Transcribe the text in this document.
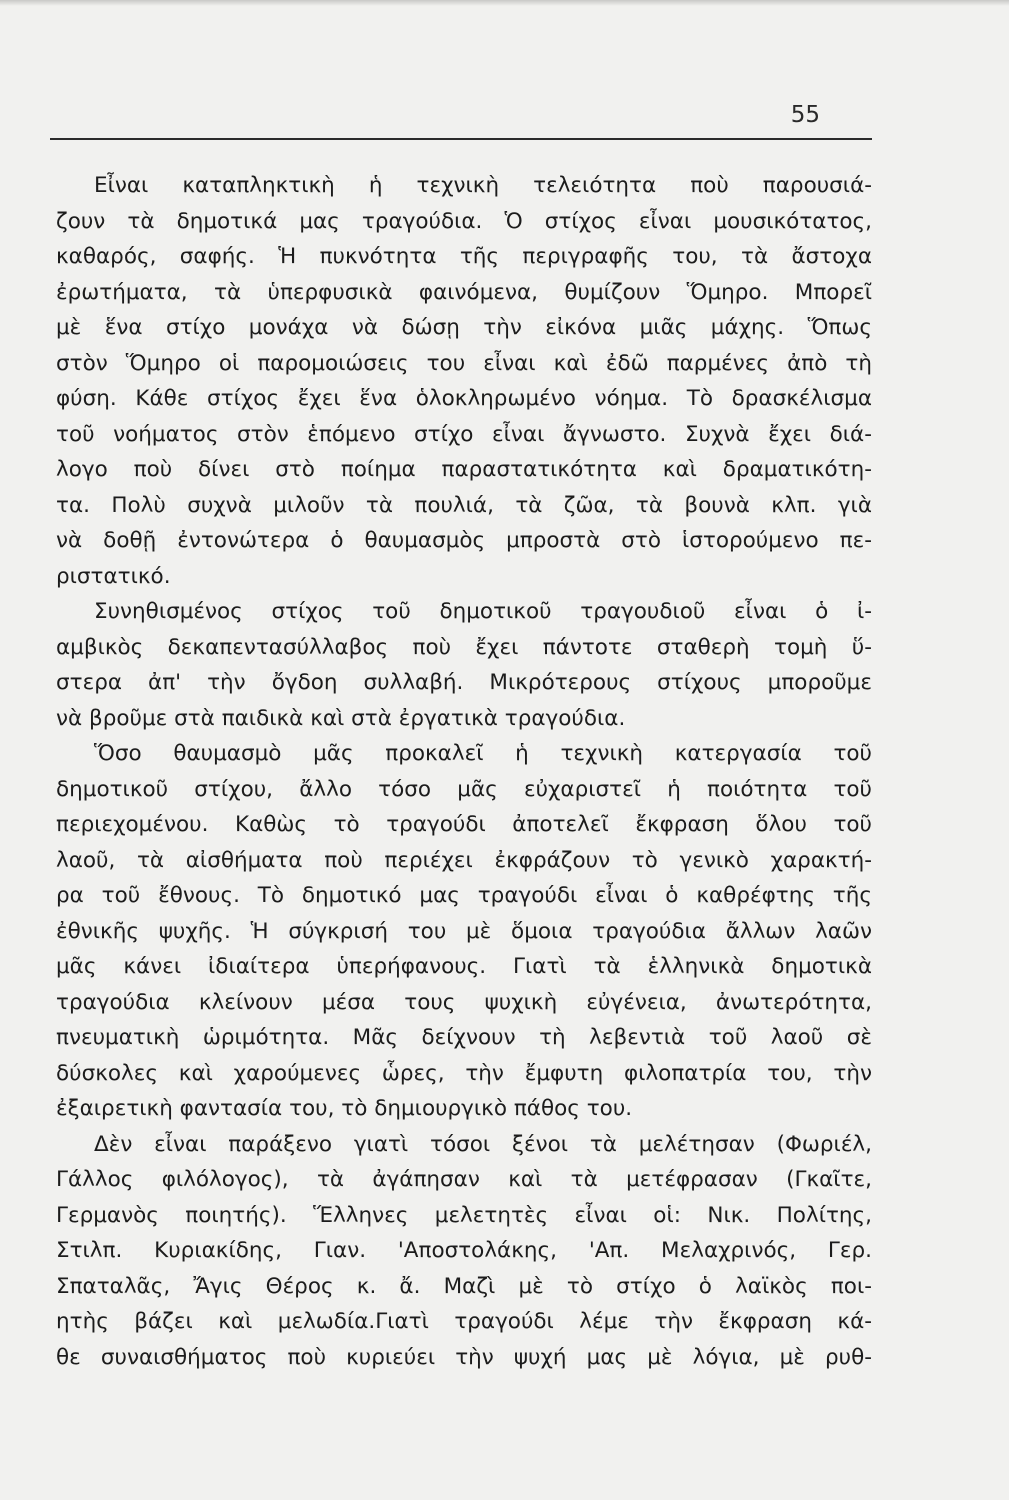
55
Εἶναι καταπληκτικὴ ἡ τεχνικὴ τελειότητα ποὺ παρουσιά-
ζουν τὰ δημοτικά μας τραγούδια. Ὁ στίχος εἶναι μουσικότατος,
καθαρός, σαφής. Ἡ πυκνότητα τῆς περιγραφῆς του, τὰ ἄστοχα
ἐρωτήματα, τὰ ὑπερφυσικὰ φαινόμενα, θυμίζουν Ὅμηρο. Μπορεῖ
μὲ ἕνα στίχο μονάχα νὰ δώσῃ τὴν εἰκόνα μιᾶς μάχης. Ὅπως
στὸν Ὅμηρο οἱ παρομοιώσεις του εἶναι καὶ ἐδῶ παρμένες ἀπὸ τὴ
φύση. Κάθε στίχος ἔχει ἕνα ὁλοκληρωμένο νόημα. Τὸ δρασκέλισμα
τοῦ νοήματος στὸν ἑπόμενο στίχο εἶναι ἄγνωστο. Συχνὰ ἔχει διά-
λογο ποὺ δίνει στὸ ποίημα παραστατικότητα καὶ δραματικότη-
τα. Πολὺ συχνὰ μιλοῦν τὰ πουλιά, τὰ ζῶα, τὰ βουνὰ κλπ. γιὰ
νὰ δοθῇ ἐντονώτερα ὁ θαυμασμὸς μπροστὰ στὸ ἱστορούμενο πε-
ριστατικό.
Συνηθισμένος στίχος τοῦ δημοτικοῦ τραγουδιοῦ εἶναι ὁ ἰ-
αμβικὸς δεκαπεντασύλλαβος ποὺ ἔχει πάντοτε σταθερὴ τομὴ ὕ-
στερα ἀπ' τὴν ὄγδοη συλλαβή. Μικρότερους στίχους μποροῦμε
νὰ βροῦμε στὰ παιδικὰ καὶ στὰ ἐργατικὰ τραγούδια.
Ὅσο θαυμασμὸ μᾶς προκαλεῖ ἡ τεχνικὴ κατεργασία τοῦ
δημοτικοῦ στίχου, ἄλλο τόσο μᾶς εὐχαριστεῖ ἡ ποιότητα τοῦ
περιεχομένου. Καθὼς τὸ τραγούδι ἀποτελεῖ ἔκφραση ὅλου τοῦ
λαοῦ, τὰ αἰσθήματα ποὺ περιέχει ἐκφράζουν τὸ γενικὸ χαρακτή-
ρα τοῦ ἔθνους. Τὸ δημοτικό μας τραγούδι εἶναι ὁ καθρέφτης τῆς
ἐθνικῆς ψυχῆς. Ἡ σύγκρισή του μὲ ὅμοια τραγούδια ἄλλων λαῶν
μᾶς κάνει ἰδιαίτερα ὑπερήφανους. Γιατὶ τὰ ἑλληνικὰ δημοτικὰ
τραγούδια κλείνουν μέσα τους ψυχικὴ εὐγένεια, ἀνωτερότητα,
πνευματικὴ ὡριμότητα. Μᾶς δείχνουν τὴ λεβεντιὰ τοῦ λαοῦ σὲ
δύσκολες καὶ χαρούμενες ὧρες, τὴν ἔμφυτη φιλοπατρία του, τὴν
ἐξαιρετικὴ φαντασία του, τὸ δημιουργικὸ πάθος του.
Δὲν εἶναι παράξενο γιατὶ τόσοι ξένοι τὰ μελέτησαν (Φωριέλ,
Γάλλος φιλόλογος), τὰ ἀγάπησαν καὶ τὰ μετέφρασαν (Γκαῖτε,
Γερμανὸς ποιητής). Ἕλληνες μελετητὲς εἶναι οἱ: Νικ. Πολίτης,
Στιλπ. Κυριακίδης, Γιαν. 'Αποστολάκης, 'Απ. Μελαχρινός, Γερ.
Σπαταλᾶς, Ἄγις Θέρος κ. ἄ. Μαζὶ μὲ τὸ στίχο ὁ λαϊκὸς ποι-
ητὴς βάζει καὶ μελωδία.Γιατὶ τραγούδι λέμε τὴν ἔκφραση κά-
θε συναισθήματος ποὺ κυριεύει τὴν ψυχή μας μὲ λόγια, μὲ ρυθ-
